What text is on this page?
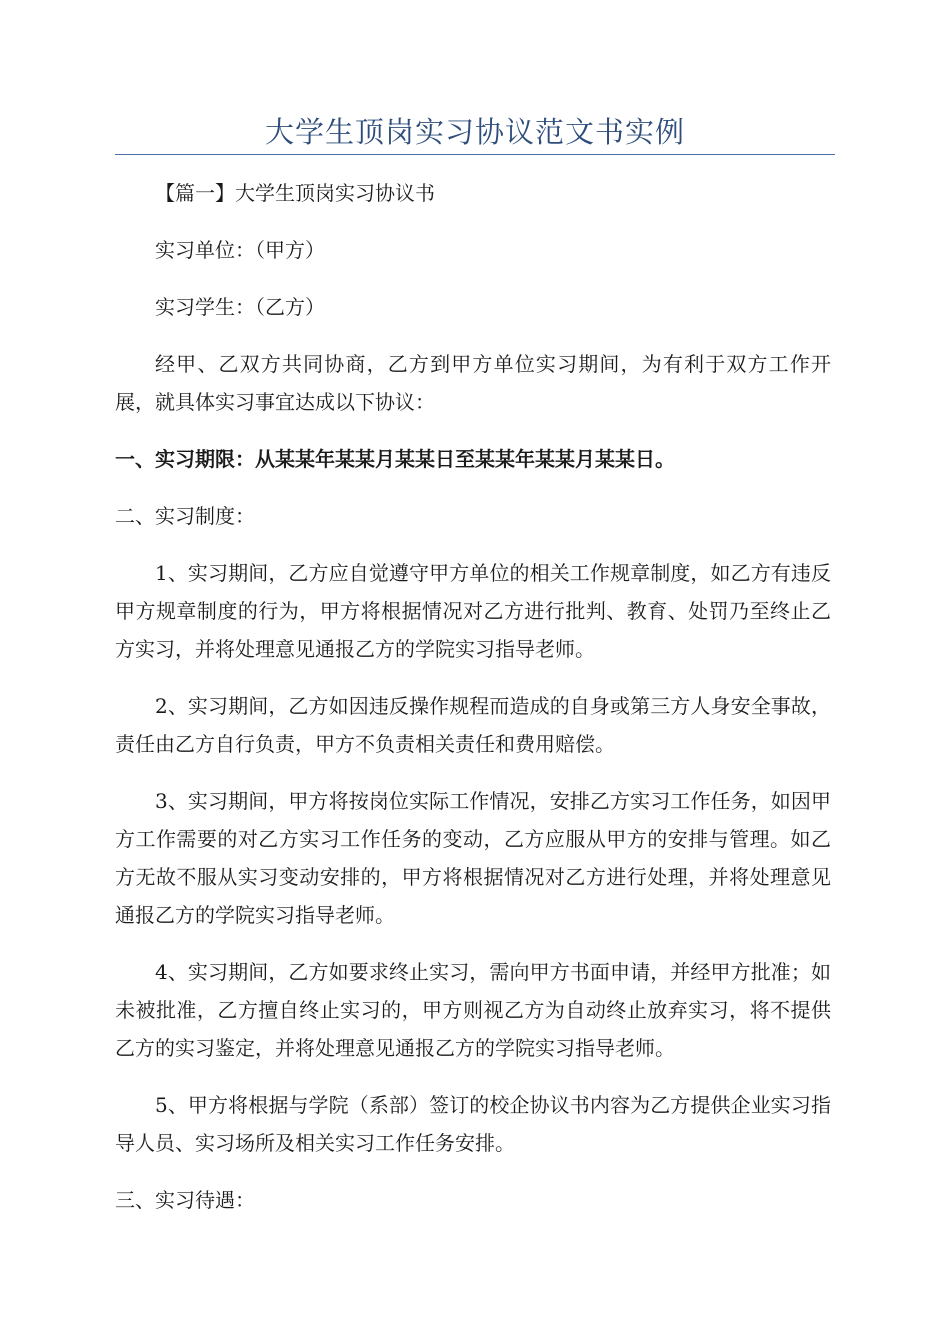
大学生顶岗实习协议范文书实例

【篇一】大学生顶岗实习协议书

实习单位：（甲方）

实习学生：（乙方）

经甲、乙双方共同协商，乙方到甲方单位实习期间，为有利于双方工作开展，就具体实习事宜达成以下协议：

一、实习期限：从某某年某某月某某日至某某年某某月某某日。

二、实习制度：

1、实习期间，乙方应自觉遵守甲方单位的相关工作规章制度，如乙方有违反甲方规章制度的行为，甲方将根据情况对乙方进行批判、教育、处罚乃至终止乙方实习，并将处理意见通报乙方的学院实习指导老师。

2、实习期间，乙方如因违反操作规程而造成的自身或第三方人身安全事故，责任由乙方自行负责，甲方不负责相关责任和费用赔偿。

3、实习期间，甲方将按岗位实际工作情况，安排乙方实习工作任务，如因甲方工作需要的对乙方实习工作任务的变动，乙方应服从甲方的安排与管理。如乙方无故不服从实习变动安排的，甲方将根据情况对乙方进行处理，并将处理意见通报乙方的学院实习指导老师。

4、实习期间，乙方如要求终止实习，需向甲方书面申请，并经甲方批准；如未被批准，乙方擅自终止实习的，甲方则视乙方为自动终止放弃实习，将不提供乙方的实习鉴定，并将处理意见通报乙方的学院实习指导老师。

5、甲方将根据与学院（系部）签订的校企协议书内容为乙方提供企业实习指导人员、实习场所及相关实习工作任务安排。

三、实习待遇：
